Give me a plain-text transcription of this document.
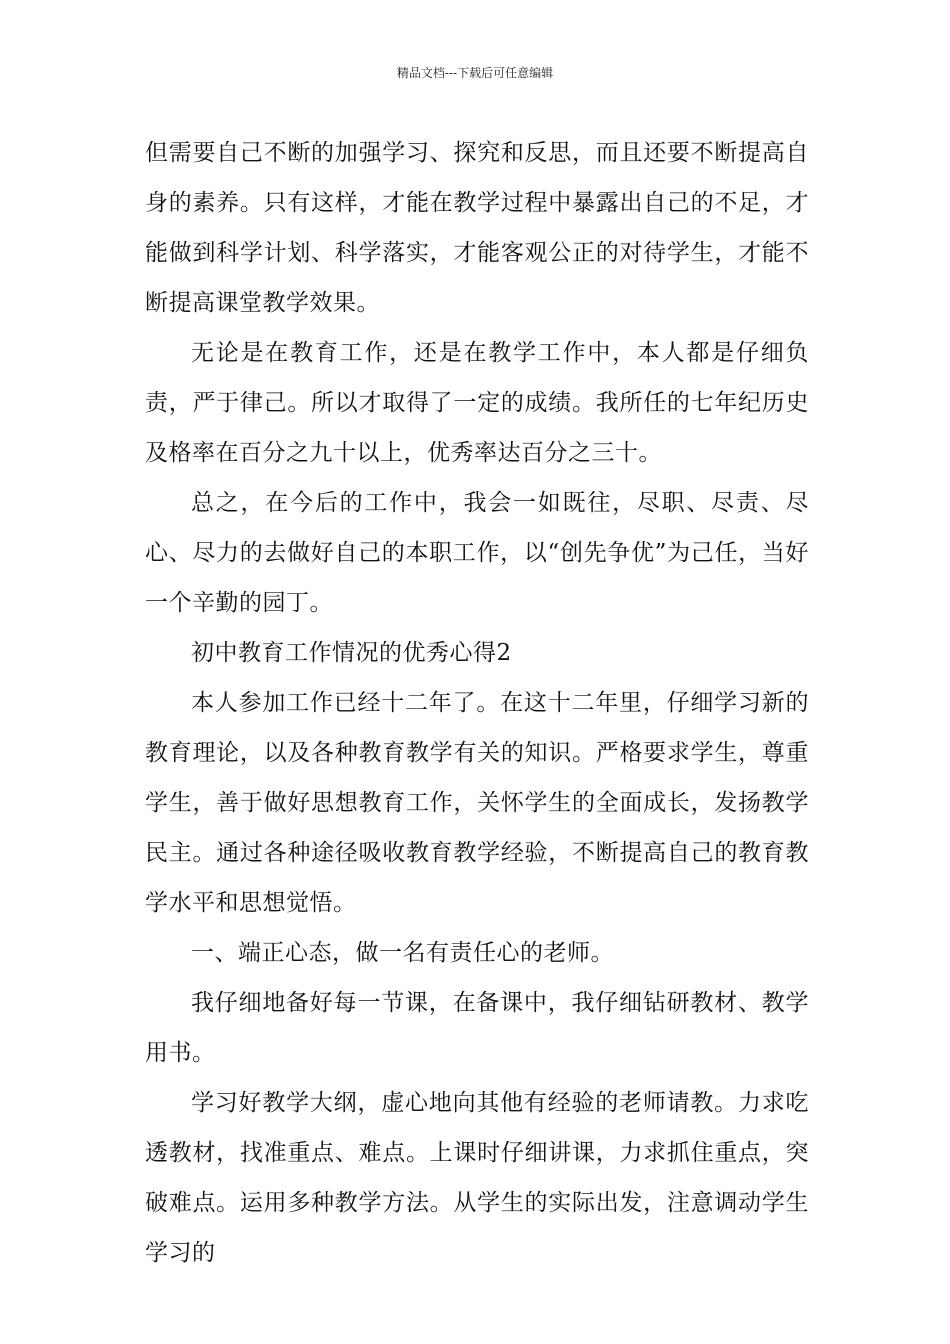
精品文档---下载后可任意编辑

但需要自己不断的加强学习、探究和反思，而且还要不断提高自身的素养。只有这样，才能在教学过程中暴露出自己的不足，才能做到科学计划、科学落实，才能客观公正的对待学生，才能不断提高课堂教学效果。

无论是在教育工作，还是在教学工作中，本人都是仔细负责，严于律己。所以才取得了一定的成绩。我所任的七年纪历史及格率在百分之九十以上，优秀率达百分之三十。

总之，在今后的工作中，我会一如既往，尽职、尽责、尽心、尽力的去做好自己的本职工作，以“创先争优”为己任，当好一个辛勤的园丁。

初中教育工作情况的优秀心得2

本人参加工作已经十二年了。在这十二年里，仔细学习新的教育理论，以及各种教育教学有关的知识。严格要求学生，尊重学生，善于做好思想教育工作，关怀学生的全面成长，发扬教学民主。通过各种途径吸收教育教学经验，不断提高自己的教育教学水平和思想觉悟。

一、端正心态，做一名有责任心的老师。

我仔细地备好每一节课，在备课中，我仔细钻研教材、教学用书。

学习好教学大纲，虚心地向其他有经验的老师请教。力求吃透教材，找准重点、难点。上课时仔细讲课，力求抓住重点，突破难点。运用多种教学方法。从学生的实际出发，注意调动学生学习的
